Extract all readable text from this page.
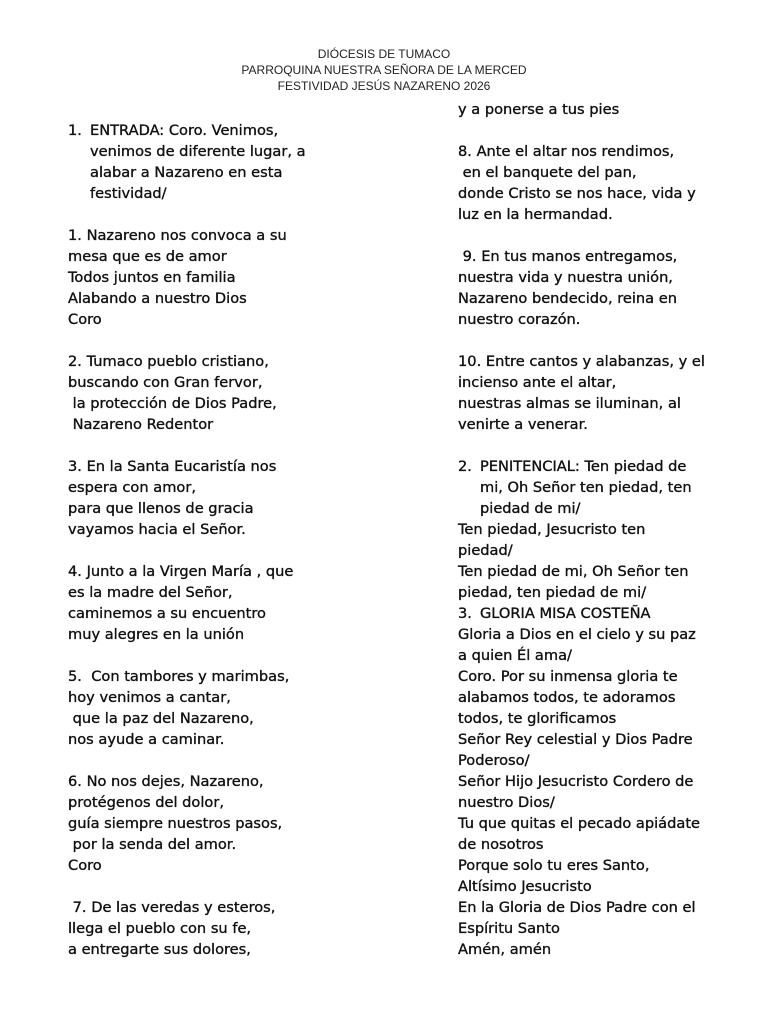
DIÓCESIS DE TUMACO
PARROQUINA NUESTRA SEÑORA DE LA MERCED
FESTIVIDAD JESÚS NAZARENO 2026
1. ENTRADA: Coro. Venimos,
venimos de diferente lugar, a
alabar a Nazareno en esta
festividad/
1. Nazareno nos convoca a su
mesa que es de amor
Todos juntos en familia
Alabando a nuestro Dios
Coro
2. Tumaco pueblo cristiano,
buscando con Gran fervor,
la protección de Dios Padre,
Nazareno Redentor
3. En la Santa Eucaristía nos
espera con amor,
para que llenos de gracia
vayamos hacia el Señor.
4. Junto a la Virgen María , que
es la madre del Señor,
caminemos a su encuentro
muy alegres en la unión
5.  Con tambores y marimbas,
hoy venimos a cantar,
que la paz del Nazareno,
nos ayude a caminar.
6. No nos dejes, Nazareno,
protégenos del dolor,
guía siempre nuestros pasos,
por la senda del amor.
Coro
7. De las veredas y esteros,
llega el pueblo con su fe,
a entregarte sus dolores,
y a ponerse a tus pies
8. Ante el altar nos rendimos,
en el banquete del pan,
donde Cristo se nos hace, vida y
luz en la hermandad.
9. En tus manos entregamos,
nuestra vida y nuestra unión,
Nazareno bendecido, reina en
nuestro corazón.
10. Entre cantos y alabanzas, y el
incienso ante el altar,
nuestras almas se iluminan, al
venirte a venerar.
2. PENITENCIAL: Ten piedad de
mi, Oh Señor ten piedad, ten
piedad de mi/
Ten piedad, Jesucristo ten
piedad/
Ten piedad de mi, Oh Señor ten
piedad, ten piedad de mi/
3. GLORIA MISA COSTEÑA
Gloria a Dios en el cielo y su paz
a quien Él ama/
Coro. Por su inmensa gloria te
alabamos todos, te adoramos
todos, te glorificamos
Señor Rey celestial y Dios Padre
Poderoso/
Señor Hijo Jesucristo Cordero de
nuestro Dios/
Tu que quitas el pecado apiádate
de nosotros
Porque solo tu eres Santo,
Altísimo Jesucristo
En la Gloria de Dios Padre con el
Espíritu Santo
Amén, amén
